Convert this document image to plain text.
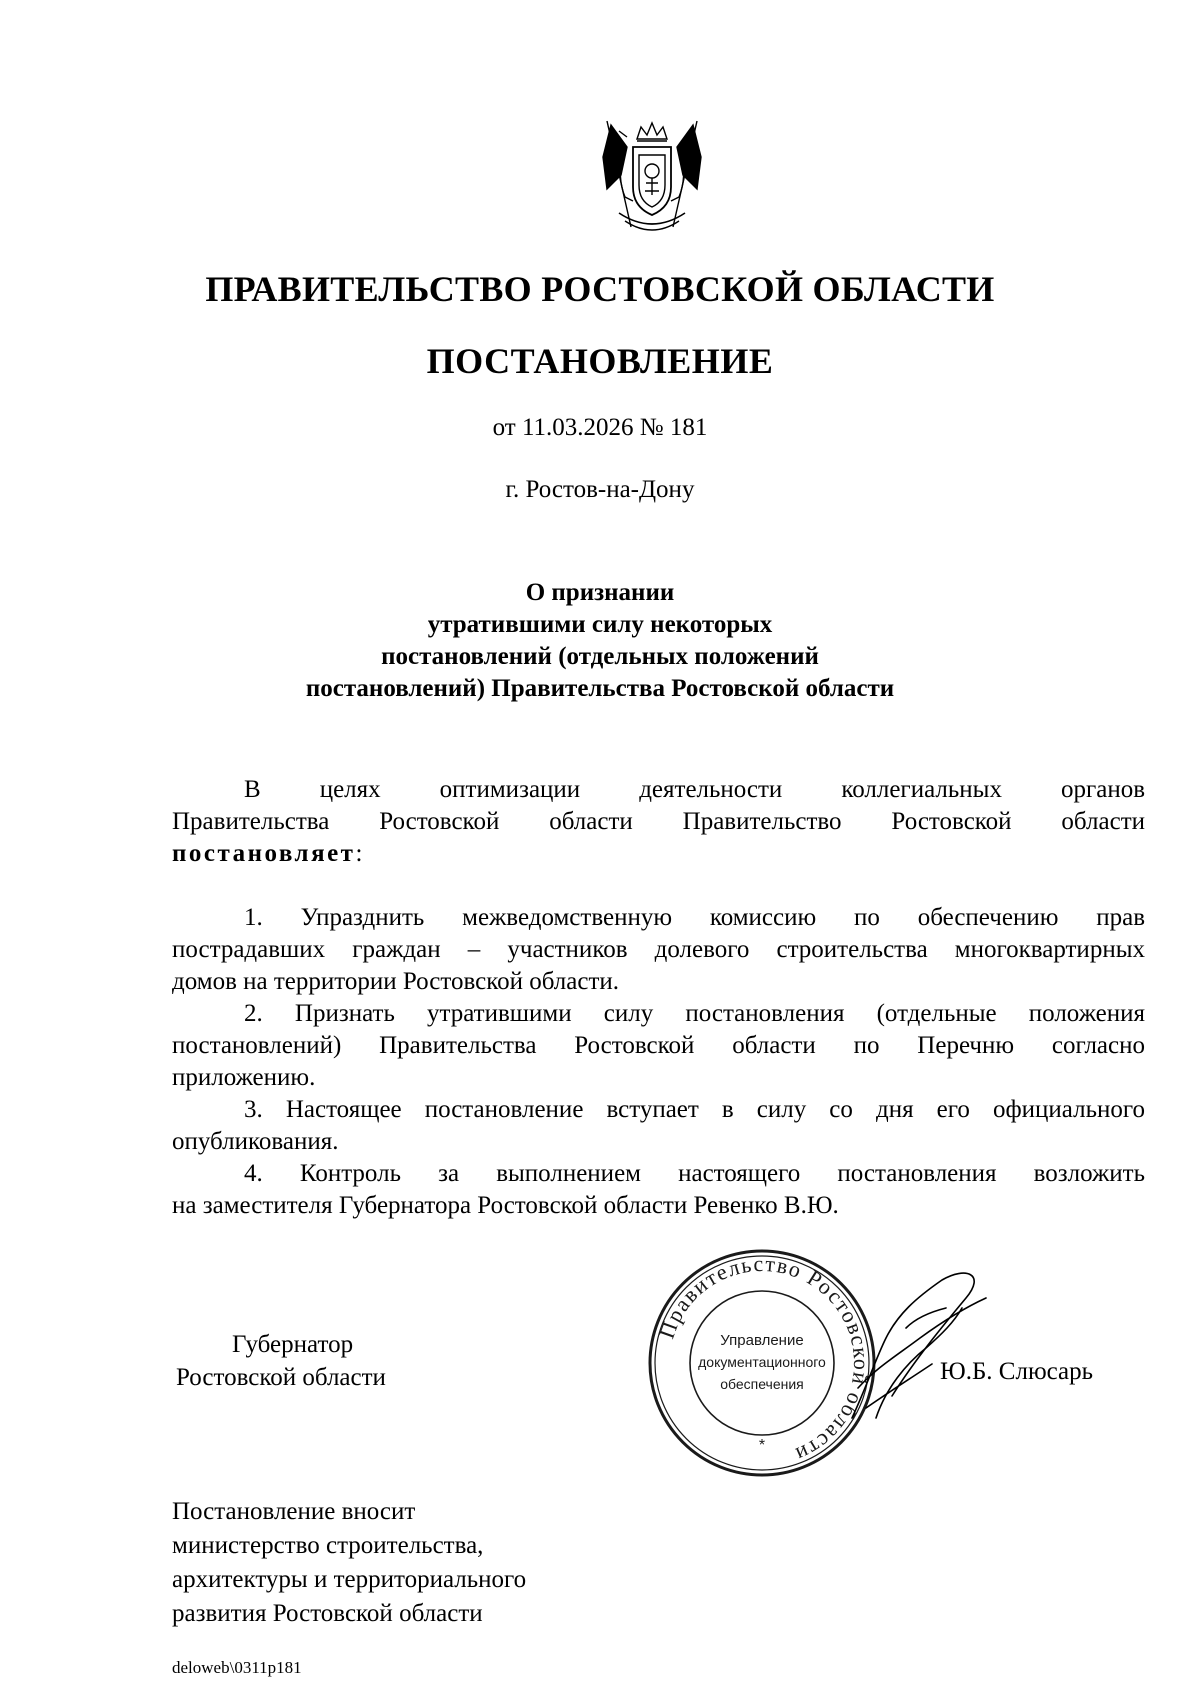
ПРАВИТЕЛЬСТВО РОСТОВСКОЙ ОБЛАСТИ
ПОСТАНОВЛЕНИЕ
от 11.03.2026 № 181
г. Ростов-на-Дону
О признании
утратившими силу некоторых
постановлений (отдельных положений
постановлений) Правительства Ростовской области
В целях оптимизации деятельности коллегиальных органов
Правительства Ростовской области Правительство Ростовской области
постановляет:
1. Упразднить межведомственную комиссию по обеспечению прав
пострадавших граждан – участников долевого строительства многоквартирных
домов на территории Ростовской области.
2. Признать утратившими силу постановления (отдельные положения
постановлений) Правительства Ростовской области по Перечню согласно
приложению.
3. Настоящее постановление вступает в силу со дня его официального
опубликования.
4. Контроль за выполнением настоящего постановления возложить
на заместителя Губернатора Ростовской области Ревенко В.Ю.
Губернатор
Ростовской области
Правительство Ростовской области
Управление
документационного
обеспечения
*
Ю.Б. Слюсарь
Постановление вносит
министерство строительства,
архитектуры и территориального
развития Ростовской области
deloweb\0311p181
